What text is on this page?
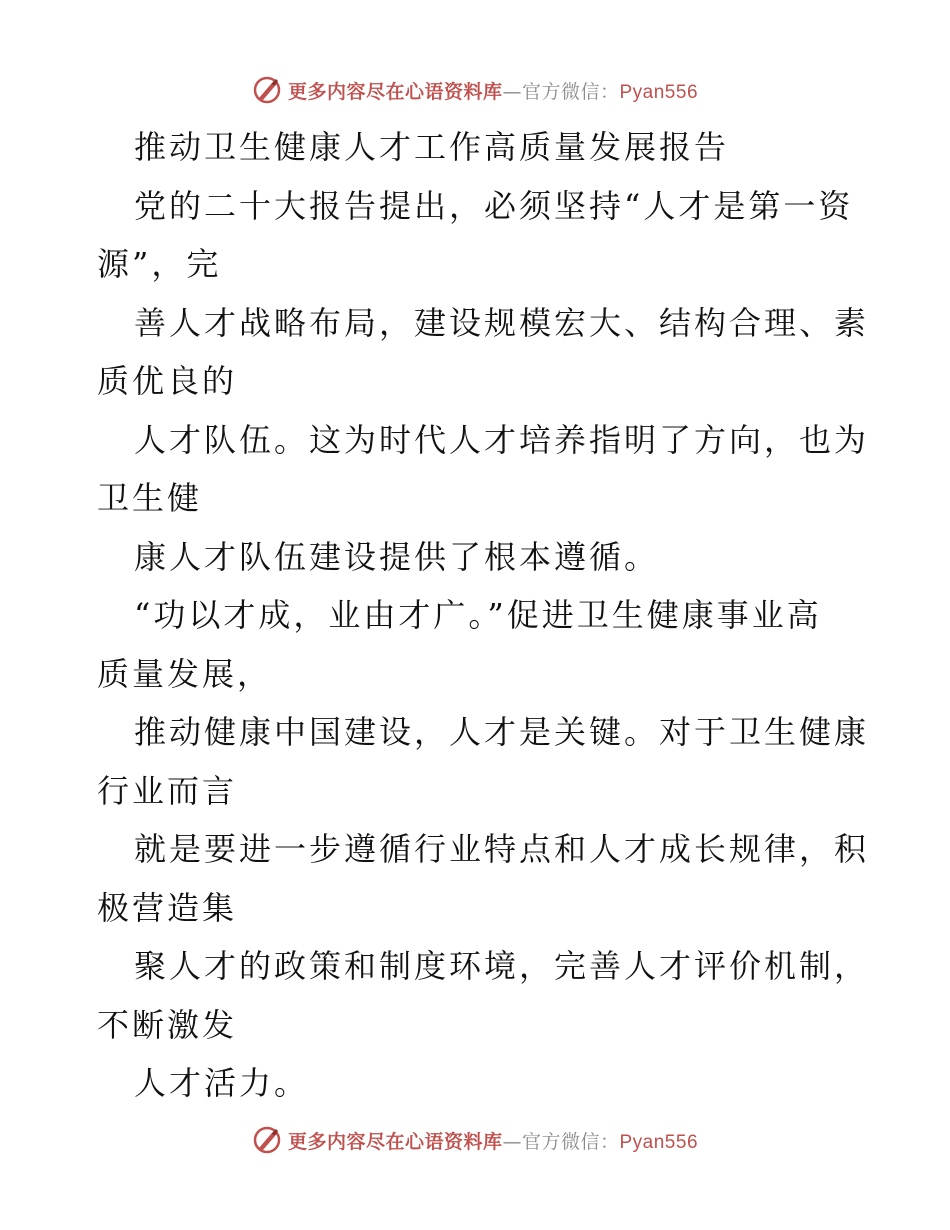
更多内容尽在心语资料库 —官方微信： Pyan556
推动卫生健康人才工作高质量发展报告
党的二十大报告提出，必须坚持“人才是第一资
源”，完
善人才战略布局，建设规模宏大、结构合理、素
质优良的
人才队伍。这为时代人才培养指明了方向，也为
卫生健
康人才队伍建设提供了根本遵循。
“功以才成，业由才广。”促进卫生健康事业高
质量发展，
推动健康中国建设，人才是关键。对于卫生健康
行业而言
就是要进一步遵循行业特点和人才成长规律，积
极营造集
聚人才的政策和制度环境，完善人才评价机制，
不断激发
人才活力。
更多内容尽在心语资料库 —官方微信： Pyan556
